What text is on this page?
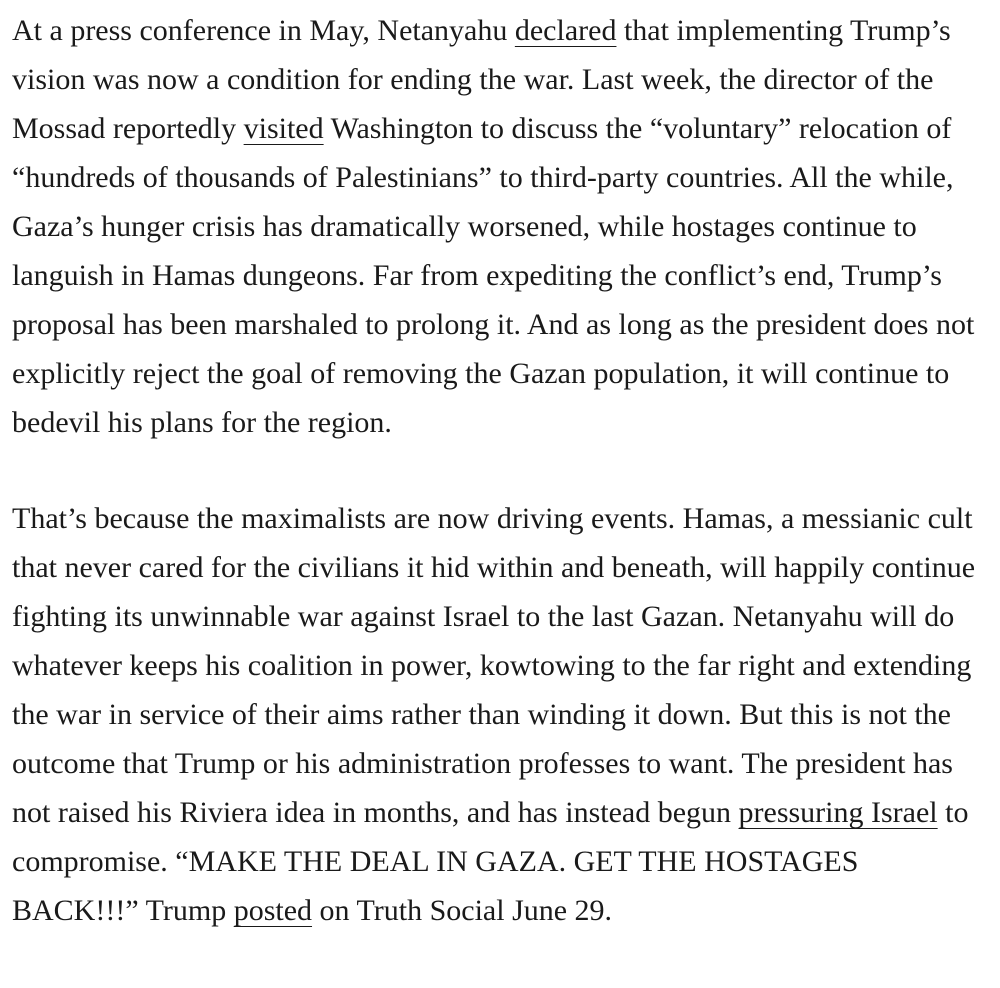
At a press conference in May, Netanyahu declared that implementing Trump’s vision was now a condition for ending the war. Last week, the director of the Mossad reportedly visited Washington to discuss the “voluntary” relocation of “hundreds of thousands of Palestinians” to third-party countries. All the while, Gaza’s hunger crisis has dramatically worsened, while hostages continue to languish in Hamas dungeons. Far from expediting the conflict’s end, Trump’s proposal has been marshaled to prolong it. And as long as the president does not explicitly reject the goal of removing the Gazan population, it will continue to bedevil his plans for the region.

That’s because the maximalists are now driving events. Hamas, a messianic cult that never cared for the civilians it hid within and beneath, will happily continue fighting its unwinnable war against Israel to the last Gazan. Netanyahu will do whatever keeps his coalition in power, kowtowing to the far right and extending the war in service of their aims rather than winding it down. But this is not the outcome that Trump or his administration professes to want. The president has not raised his Riviera idea in months, and has instead begun pressuring Israel to compromise. “MAKE THE DEAL IN GAZA. GET THE HOSTAGES BACK!!!” Trump posted on Truth Social June 29.
